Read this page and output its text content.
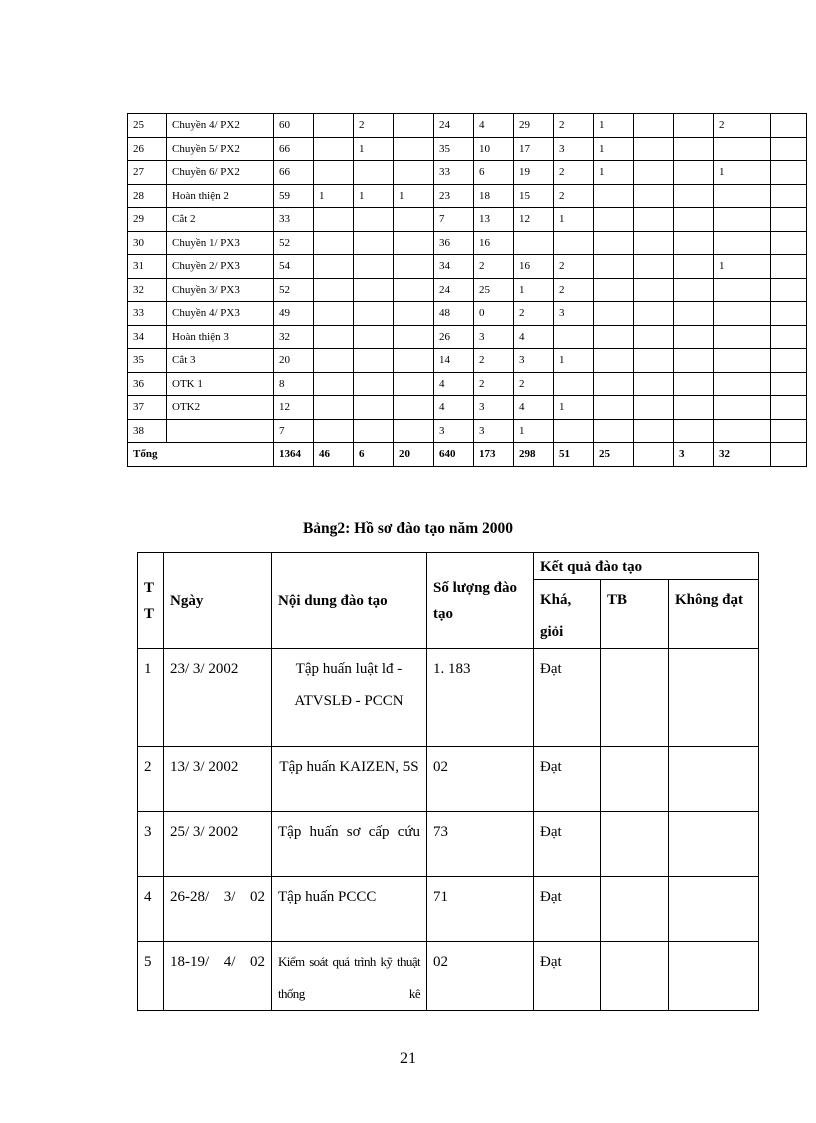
25	Chuyền 4/ PX2	60		2		24	4	29	2	1			2	
26	Chuyền 5/ PX2	66		1		35	10	17	3	1				
27	Chuyền 6/ PX2	66				33	6	19	2	1			1	
28	Hoàn thiện 2	59	1	1	1	23	18	15	2					
29	Cắt 2	33				7	13	12	1					
30	Chuyền 1/ PX3	52				36	16							
31	Chuyền 2/ PX3	54				34	2	16	2				1	
32	Chuyền 3/ PX3	52				24	25	1	2					
33	Chuyền 4/ PX3	49				48	0	2	3					
34	Hoàn thiện 3	32				26	3	4						
35	Cắt 3	20				14	2	3	1					
36	OTK 1	8				4	2	2						
37	OTK2	12				4	3	4	1					
38		7				3	3	1						
Tổng		1364	46	6	20	640	173	298	51	25		3	32	
Bảng2: Hồ sơ đào tạo năm 2000
T T	Ngày	Nội dung đào tạo	Số lượng đào tạo	Kết quả đào tạo		
				Khá, giỏi	TB	Không đạt
1	23/ 3/ 2002	Tập huấn luật lđ - ATVSLĐ - PCCN	1. 183	Đạt		
2	13/ 3/ 2002	Tập huấn KAIZEN, 5S	02	Đạt		
3	25/ 3/ 2002	Tập huấn sơ cấp cứu	73	Đạt		
4	26-28/ 3/ 02	Tập huấn PCCC	71	Đạt		
5	18-19/ 4/ 02	Kiểm soát quá trình kỹ thuật thống kê	02	Đạt		
21
